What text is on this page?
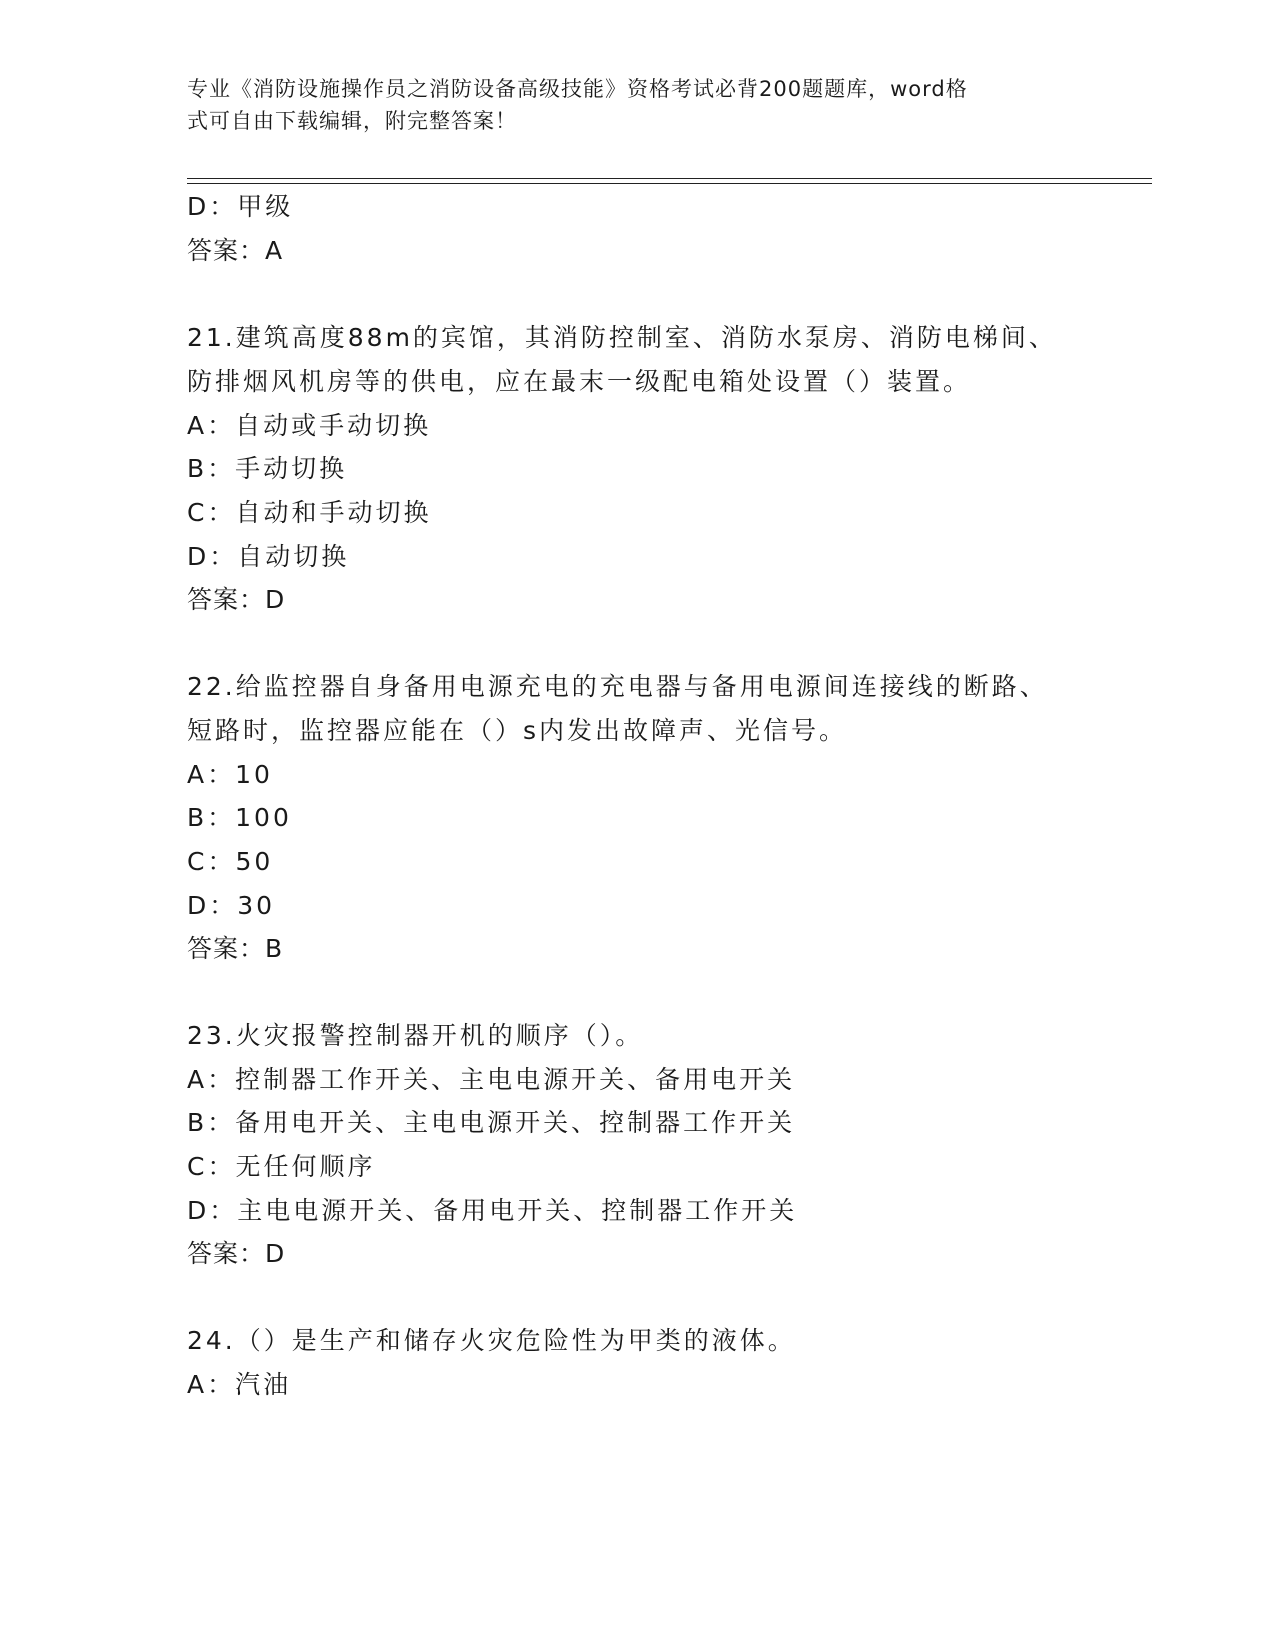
专业《消防设施操作员之消防设备高级技能》资格考试必背200题题库，word格
式可自由下载编辑，附完整答案！
D：甲级
答案：A
21.建筑高度88m的宾馆，其消防控制室、消防水泵房、消防电梯间、
防排烟风机房等的供电，应在最末一级配电箱处设置（）装置。
A：自动或手动切换
B：手动切换
C：自动和手动切换
D：自动切换
答案：D
22.给监控器自身备用电源充电的充电器与备用电源间连接线的断路、
短路时，监控器应能在（）s内发出故障声、光信号。
A：10
B：100
C：50
D：30
答案：B
23.火灾报警控制器开机的顺序（）。
A：控制器工作开关、主电电源开关、备用电开关
B：备用电开关、主电电源开关、控制器工作开关
C：无任何顺序
D：主电电源开关、备用电开关、控制器工作开关
答案：D
24.（）是生产和储存火灾危险性为甲类的液体。
A：汽油
